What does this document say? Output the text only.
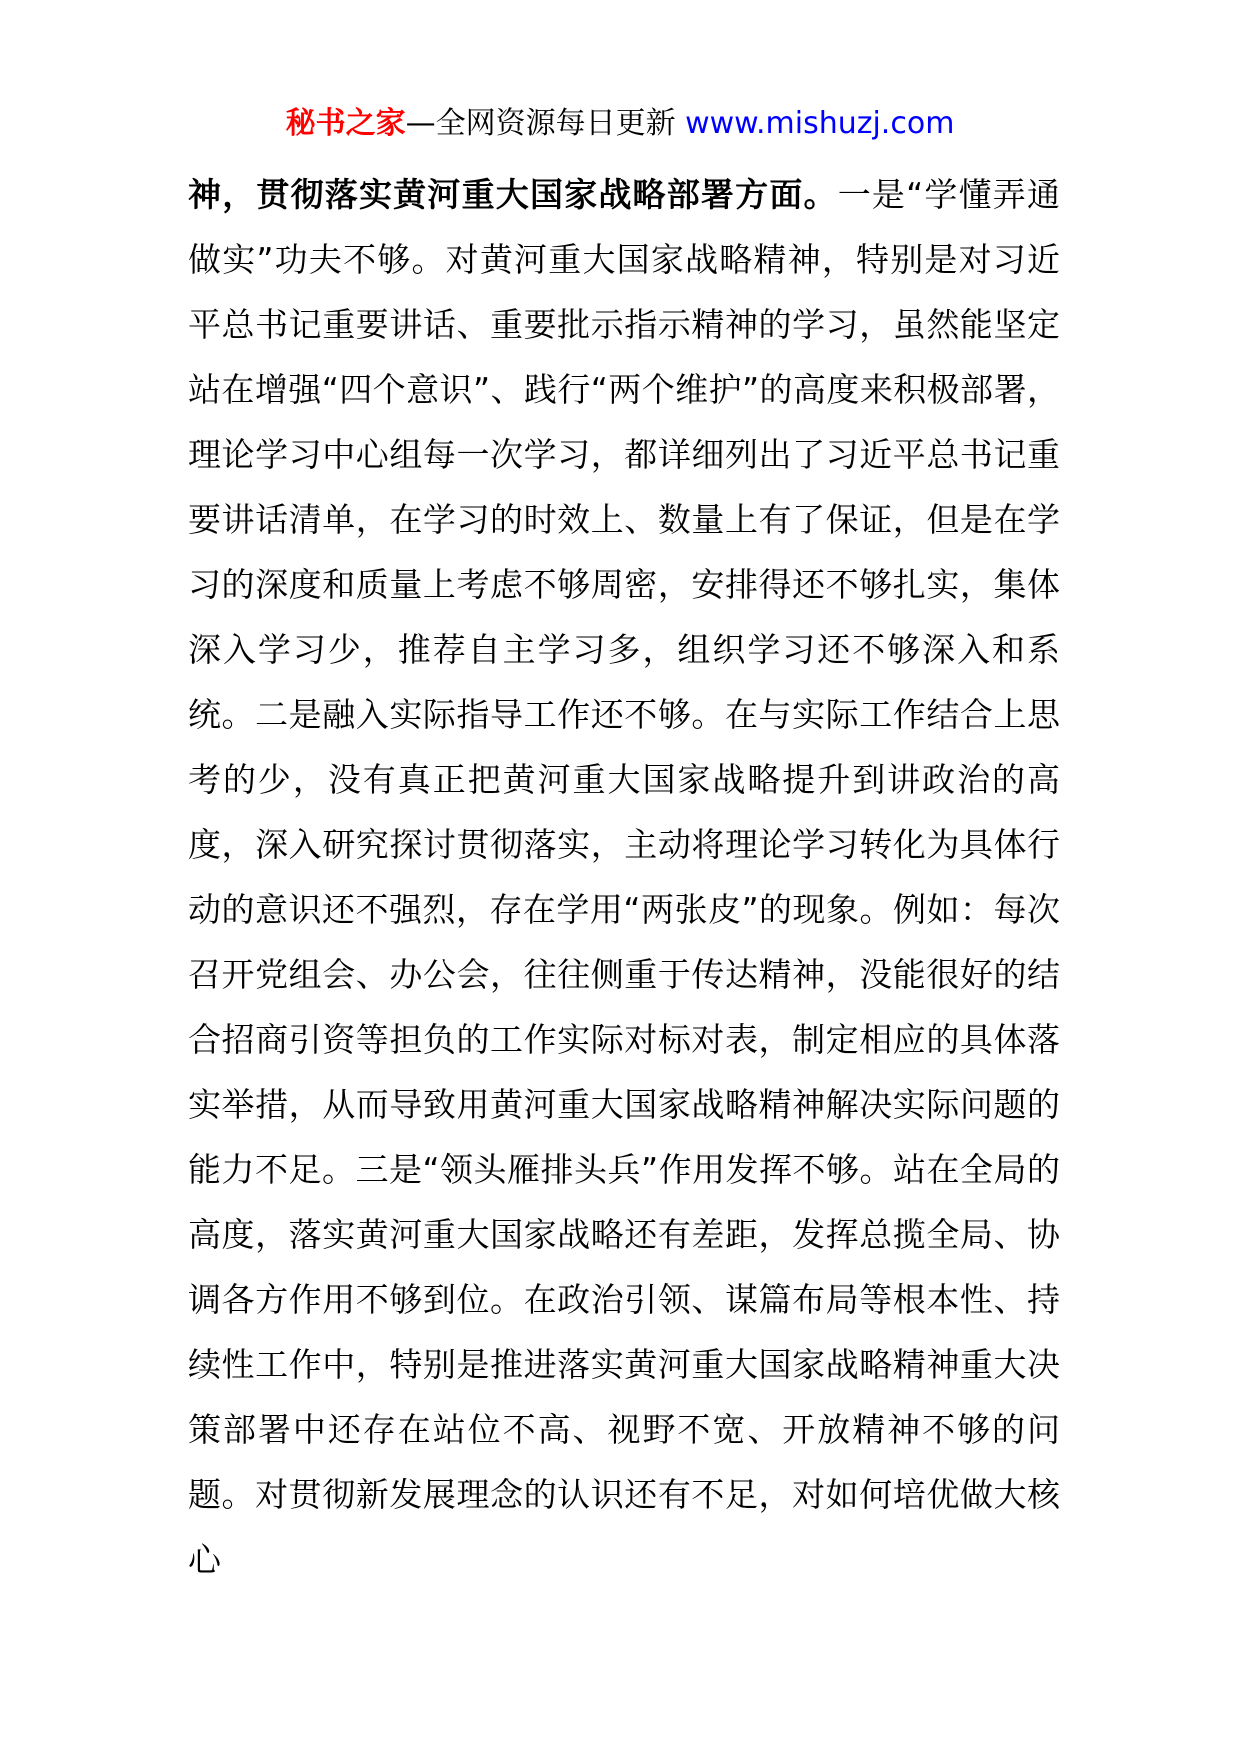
秘书之家—全网资源每日更新 www.mishuzj.com

神，贯彻落实黄河重大国家战略部署方面。一是“学懂弄通做实”功夫不够。对黄河重大国家战略精神，特别是对习近平总书记重要讲话、重要批示指示精神的学习，虽然能坚定站在增强“四个意识”、践行“两个维护”的高度来积极部署，理论学习中心组每一次学习，都详细列出了习近平总书记重要讲话清单，在学习的时效上、数量上有了保证，但是在学习的深度和质量上考虑不够周密，安排得还不够扎实，集体深入学习少，推荐自主学习多，组织学习还不够深入和系统。二是融入实际指导工作还不够。在与实际工作结合上思考的少，没有真正把黄河重大国家战略提升到讲政治的高度，深入研究探讨贯彻落实，主动将理论学习转化为具体行动的意识还不强烈，存在学用“两张皮”的现象。例如：每次召开党组会、办公会，往往侧重于传达精神，没能很好的结合招商引资等担负的工作实际对标对表，制定相应的具体落实举措，从而导致用黄河重大国家战略精神解决实际问题的能力不足。三是“领头雁排头兵”作用发挥不够。站在全局的高度，落实黄河重大国家战略还有差距，发挥总揽全局、协调各方作用不够到位。在政治引领、谋篇布局等根本性、持续性工作中，特别是推进落实黄河重大国家战略精神重大决策部署中还存在站位不高、视野不宽、开放精神不够的问题。对贯彻新发展理念的认识还有不足，对如何培优做大核心
